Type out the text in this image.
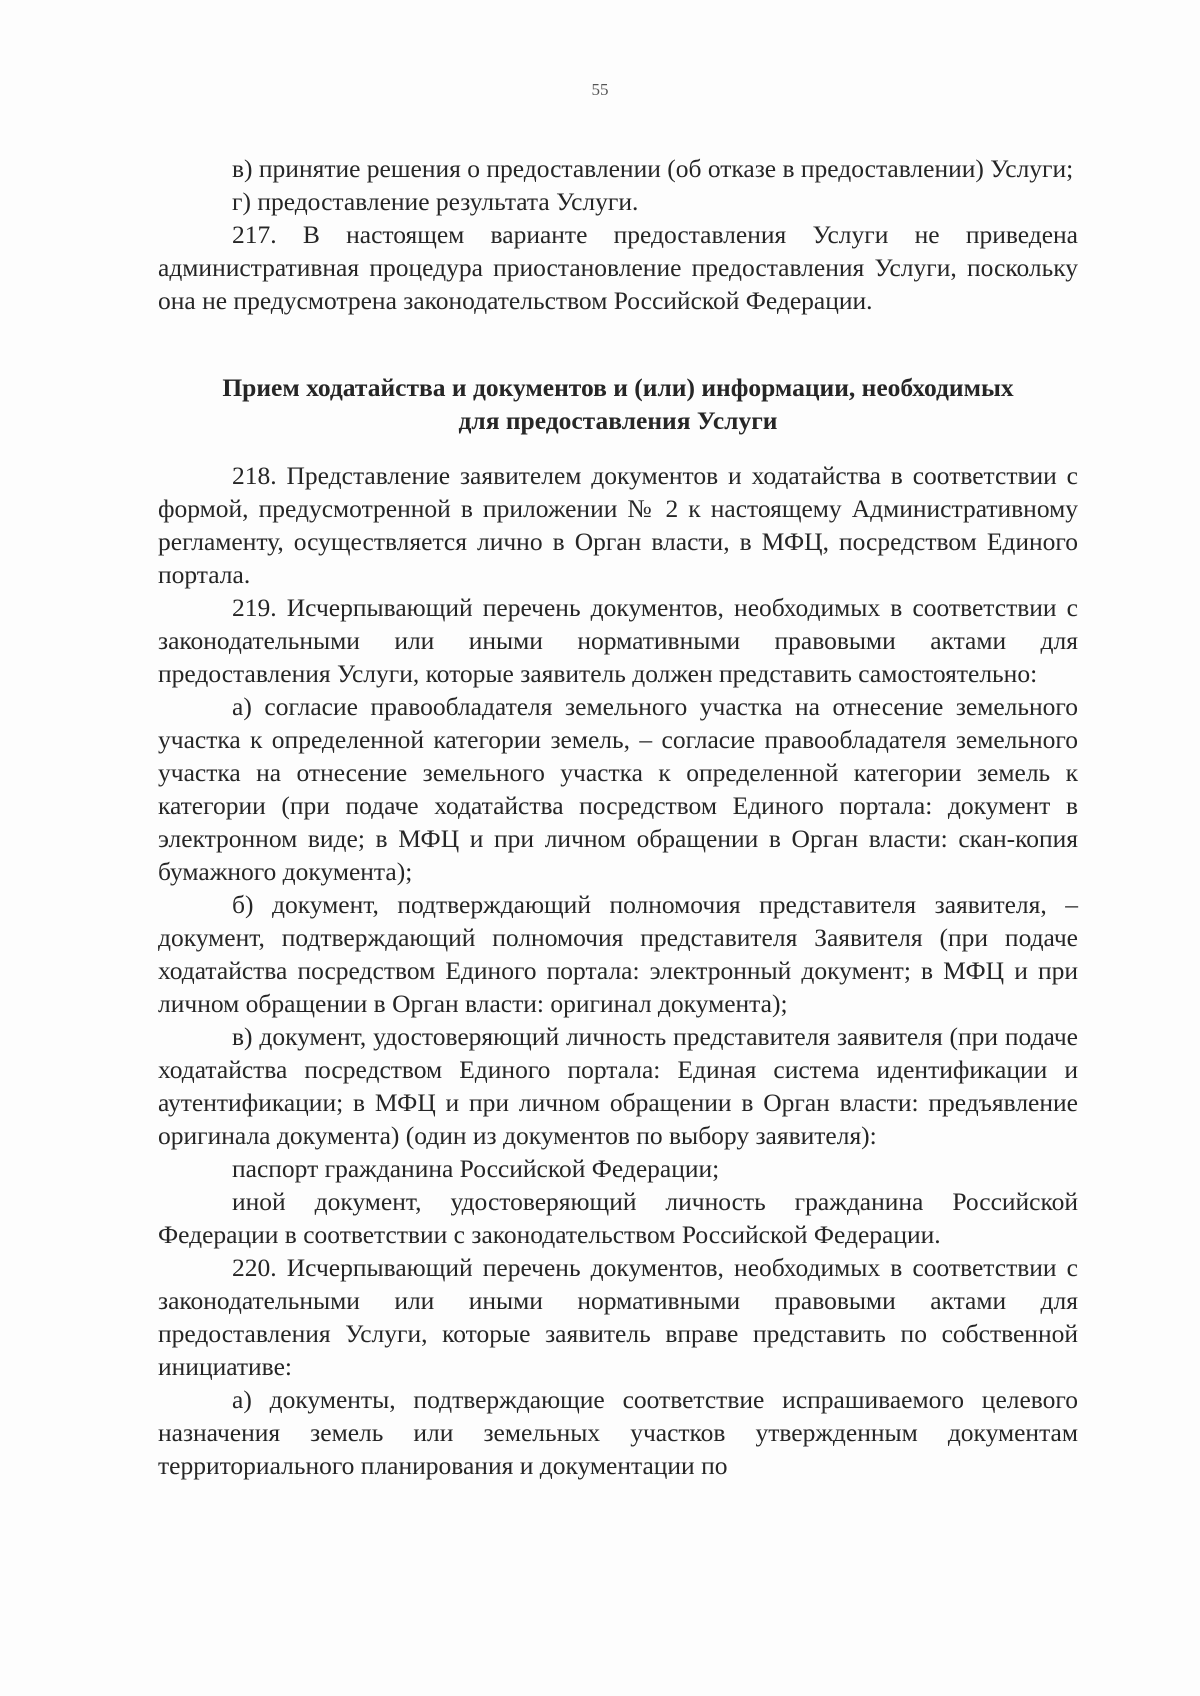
55

в) принятие решения о предоставлении (об отказе в предоставлении) Услуги;

г) предоставление результата Услуги.

217. В настоящем варианте предоставления Услуги не приведена административная процедура приостановление предоставления Услуги, поскольку она не предусмотрена законодательством Российской Федерации.

Прием ходатайства и документов и (или) информации, необходимых
для предоставления Услуги

218. Представление заявителем документов и ходатайства в соответствии с формой, предусмотренной в приложении № 2 к настоящему Административному регламенту, осуществляется лично в Орган власти, в МФЦ, посредством Единого портала.

219. Исчерпывающий перечень документов, необходимых в соответствии с законодательными или иными нормативными правовыми актами для предоставления Услуги, которые заявитель должен представить самостоятельно:

а) согласие правообладателя земельного участка на отнесение земельного участка к определенной категории земель, – согласие правообладателя земельного участка на отнесение земельного участка к определенной категории земель к категории (при подаче ходатайства посредством Единого портала: документ в электронном виде; в МФЦ и при личном обращении в Орган власти: скан-копия бумажного документа);

б) документ, подтверждающий полномочия представителя заявителя, – документ, подтверждающий полномочия представителя Заявителя (при подаче ходатайства посредством Единого портала: электронный документ; в МФЦ и при личном обращении в Орган власти: оригинал документа);

в) документ, удостоверяющий личность представителя заявителя (при подаче ходатайства посредством Единого портала: Единая система идентификации и аутентификации; в МФЦ и при личном обращении в Орган власти: предъявление оригинала документа) (один из документов по выбору заявителя):

паспорт гражданина Российской Федерации;

иной документ, удостоверяющий личность гражданина Российской Федерации в соответствии с законодательством Российской Федерации.

220. Исчерпывающий перечень документов, необходимых в соответствии с законодательными или иными нормативными правовыми актами для предоставления Услуги, которые заявитель вправе представить по собственной инициативе:

а) документы, подтверждающие соответствие испрашиваемого целевого назначения земель или земельных участков утвержденным документам территориального планирования и документации по
